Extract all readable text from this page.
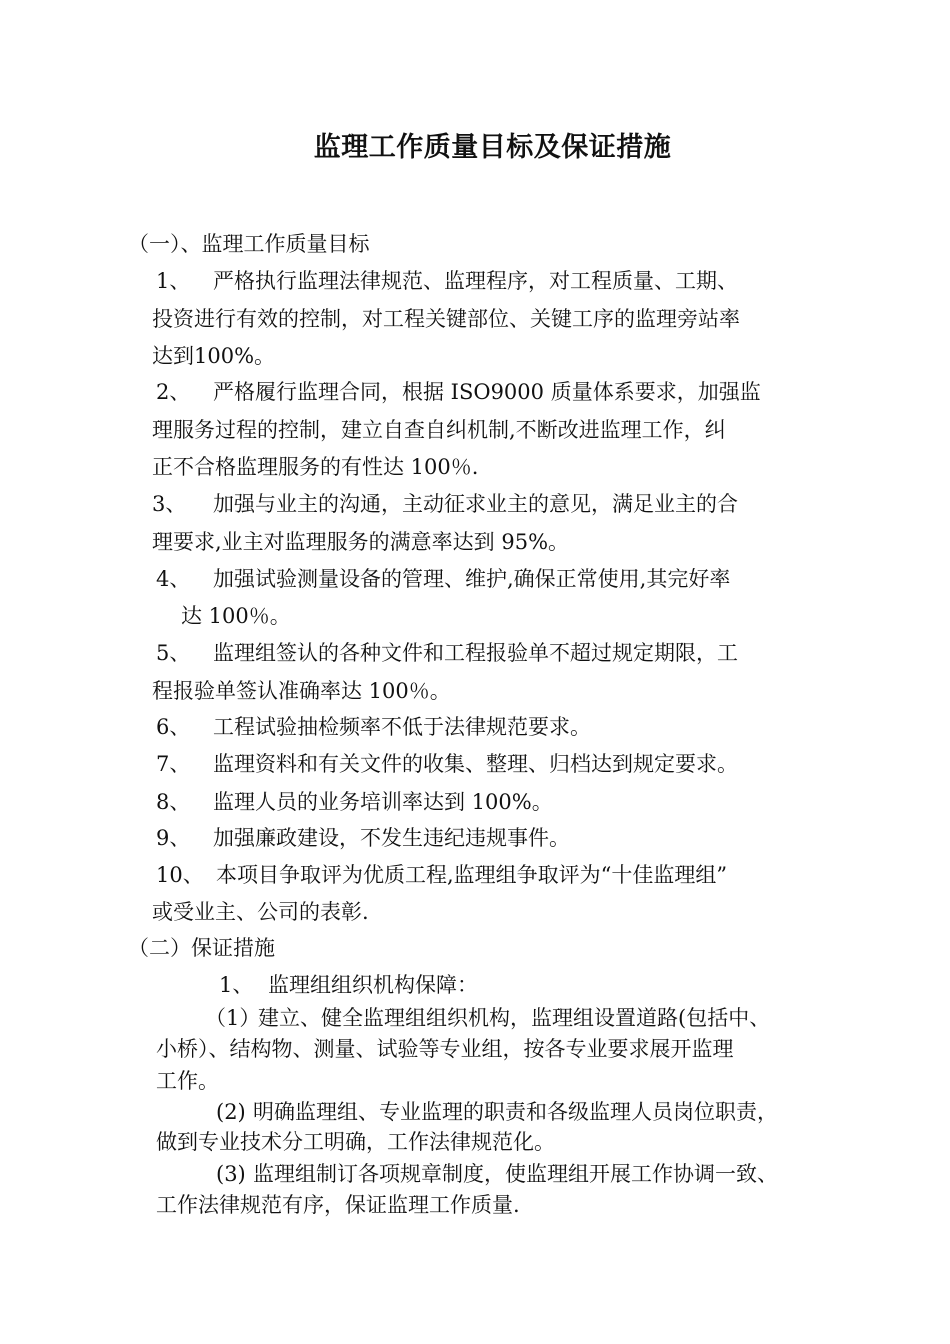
监理工作质量目标及保证措施
（一）、监理工作质量目标
1、 严格执行监理法律规范、监理程序，对工程质量、工期、
投资进行有效的控制，对工程关键部位、关键工序的监理旁站率
达到100%。
2、 严格履行监理合同，根据 ISO9000 质量体系要求，加强监
理服务过程的控制，建立自查自纠机制,不断改进监理工作，纠
正不合格监理服务的有性达 100％.
3、 加强与业主的沟通，主动征求业主的意见，满足业主的合
理要求,业主对监理服务的满意率达到 95%。
4、 加强试验测量设备的管理、维护,确保正常使用,其完好率
达 100％。
5、 监理组签认的各种文件和工程报验单不超过规定期限，工
程报验单签认准确率达 100％。
6、 工程试验抽检频率不低于法律规范要求。
7、 监理资料和有关文件的收集、整理、归档达到规定要求。
8、 监理人员的业务培训率达到 100%。
9、 加强廉政建设，不发生违纪违规事件。
10、 本项目争取评为优质工程,监理组争取评为“十佳监理组”
或受业主、公司的表彰.
（二）保证措施
1、 监理组组织机构保障：
（1）
建立、健全监理组组织机构，监理组设置道路(包括中、
小桥）、结构物、测量、试验等专业组，按各专业要求展开监理
工作。
(2) 明确监理组、专业监理的职责和各级监理人员岗位职责，
做到专业技术分工明确，工作法律规范化。
(3) 监理组制订各项规章制度，使监理组开展工作协调一致、
工作法律规范有序，保证监理工作质量.
